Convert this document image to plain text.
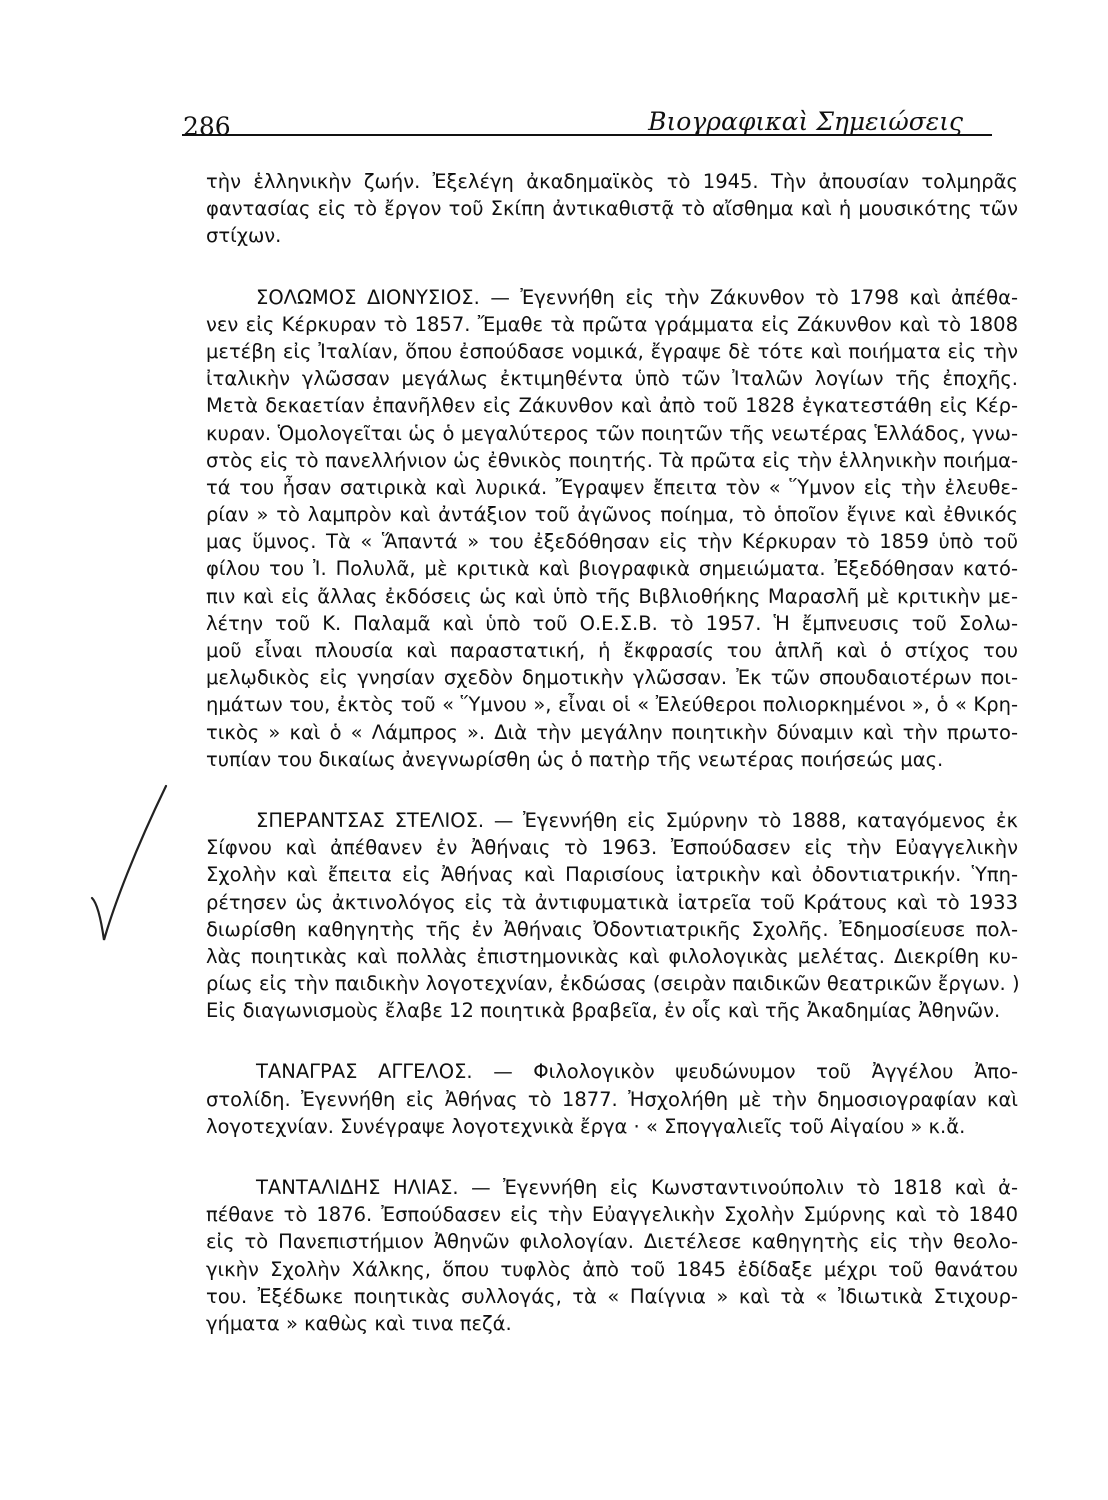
286	Βιογραφικαὶ Σημειώσεις
τὴν ἑλληνικὴν ζωήν. Ἐξελέγη ἀκαδημαϊκὸς τὸ 1945. Τὴν ἀπουσίαν τολμηρᾶς
φαντασίας εἰς τὸ ἔργον τοῦ Σκίπη ἀντικαθιστᾷ τὸ αἴσθημα καὶ ἡ μουσικότης τῶν
στίχων.
ΣΟΛΩΜΟΣ ΔΙΟΝΥΣΙΟΣ. — Ἐγεννήθη εἰς τὴν Ζάκυνθον τὸ 1798 καὶ ἀπέθα-
νεν εἰς Κέρκυραν τὸ 1857. Ἔμαθε τὰ πρῶτα γράμματα εἰς Ζάκυνθον καὶ τὸ 1808
μετέβη εἰς Ἰταλίαν, ὅπου ἐσπούδασε νομικά, ἔγραψε δὲ τότε καὶ ποιήματα εἰς τὴν
ἰταλικὴν γλῶσσαν μεγάλως ἐκτιμηθέντα ὑπὸ τῶν Ἰταλῶν λογίων τῆς ἐποχῆς.
Μετὰ δεκαετίαν ἐπανῆλθεν εἰς Ζάκυνθον καὶ ἀπὸ τοῦ 1828 ἐγκατεστάθη εἰς Κέρ-
κυραν. Ὁμολογεῖται ὡς ὁ μεγαλύτερος τῶν ποιητῶν τῆς νεωτέρας Ἑλλάδος, γνω-
στὸς εἰς τὸ πανελλήνιον ὡς ἐθνικὸς ποιητής. Τὰ πρῶτα εἰς τὴν ἑλληνικὴν ποιήμα-
τά του ἦσαν σατιρικὰ καὶ λυρικά. Ἔγραψεν ἔπειτα τὸν « Ὕμνον εἰς τὴν ἐλευθε-
ρίαν » τὸ λαμπρὸν καὶ ἀντάξιον τοῦ ἀγῶνος ποίημα, τὸ ὁποῖον ἔγινε καὶ ἐθνικός
μας ὕμνος. Τὰ « Ἅπαντά » του ἐξεδόθησαν εἰς τὴν Κέρκυραν τὸ 1859 ὑπὸ τοῦ
φίλου του Ἰ. Πολυλᾶ, μὲ κριτικὰ καὶ βιογραφικὰ σημειώματα. Ἐξεδόθησαν κατό-
πιν καὶ εἰς ἄλλας ἐκδόσεις ὡς καὶ ὑπὸ τῆς Βιβλιοθήκης Μαρασλῆ μὲ κριτικὴν με-
λέτην τοῦ Κ. Παλαμᾶ καὶ ὑπὸ τοῦ Ο.Ε.Σ.Β. τὸ 1957. Ἡ ἔμπνευσις τοῦ Σολω-
μοῦ εἶναι πλουσία καὶ παραστατική, ἡ ἔκφρασίς του ἁπλῆ καὶ ὁ στίχος του
μελῳδικὸς εἰς γνησίαν σχεδὸν δημοτικὴν γλῶσσαν. Ἐκ τῶν σπουδαιοτέρων ποι-
ημάτων του, ἐκτὸς τοῦ « Ὕμνου », εἶναι οἱ « Ἐλεύθεροι πολιορκημένοι », ὁ « Κρη-
τικὸς » καὶ ὁ « Λάμπρος ». Διὰ τὴν μεγάλην ποιητικὴν δύναμιν καὶ τὴν πρωτο-
τυπίαν του δικαίως ἀνεγνωρίσθη ὡς ὁ πατὴρ τῆς νεωτέρας ποιήσεώς μας.
ΣΠΕΡΑΝΤΣΑΣ ΣΤΕΛΙΟΣ. — Ἐγεννήθη εἰς Σμύρνην τὸ 1888, καταγόμενος ἐκ
Σίφνου καὶ ἀπέθανεν ἐν Ἀθήναις τὸ 1963. Ἐσπούδασεν εἰς τὴν Εὐαγγελικὴν
Σχολὴν καὶ ἔπειτα εἰς Ἀθήνας καὶ Παρισίους ἰατρικὴν καὶ ὀδοντιατρικήν. Ὑπη-
ρέτησεν ὡς ἀκτινολόγος εἰς τὰ ἀντιφυματικὰ ἰατρεῖα τοῦ Κράτους καὶ τὸ 1933
διωρίσθη καθηγητὴς τῆς ἐν Ἀθήναις Ὀδοντιατρικῆς Σχολῆς. Ἐδημοσίευσε πολ-
λὰς ποιητικὰς καὶ πολλὰς ἐπιστημονικὰς καὶ φιλολογικὰς μελέτας. Διεκρίθη κυ-
ρίως εἰς τὴν παιδικὴν λογοτεχνίαν, ἐκδώσας (σειρὰν παιδικῶν θεατρικῶν ἔργων. )
Εἰς διαγωνισμοὺς ἔλαβε 12 ποιητικὰ βραβεῖα, ἐν οἷς καὶ τῆς Ἀκαδημίας Ἀθηνῶν.
ΤΑΝΑΓΡΑΣ ΑΓΓΕΛΟΣ. — Φιλολογικὸν ψευδώνυμον τοῦ Ἀγγέλου Ἀπο-
στολίδη. Ἐγεννήθη εἰς Ἀθήνας τὸ 1877. Ἠσχολήθη μὲ τὴν δημοσιογραφίαν καὶ
λογοτεχνίαν. Συνέγραψε λογοτεχνικὰ ἔργα · « Σπογγαλιεῖς τοῦ Αἰγαίου » κ.ἄ.
ΤΑΝΤΑΛΙΔΗΣ ΗΛΙΑΣ. — Ἐγεννήθη εἰς Κωνσταντινούπολιν τὸ 1818 καὶ ἀ-
πέθανε τὸ 1876. Ἐσπούδασεν εἰς τὴν Εὐαγγελικὴν Σχολὴν Σμύρνης καὶ τὸ 1840
εἰς τὸ Πανεπιστήμιον Ἀθηνῶν φιλολογίαν. Διετέλεσε καθηγητὴς εἰς τὴν θεολο-
γικὴν Σχολὴν Χάλκης, ὅπου τυφλὸς ἀπὸ τοῦ 1845 ἐδίδαξε μέχρι τοῦ θανάτου
του. Ἐξέδωκε ποιητικὰς συλλογάς, τὰ « Παίγνια » καὶ τὰ « Ἰδιωτικὰ Στιχουρ-
γήματα » καθὼς καὶ τινα πεζά.
